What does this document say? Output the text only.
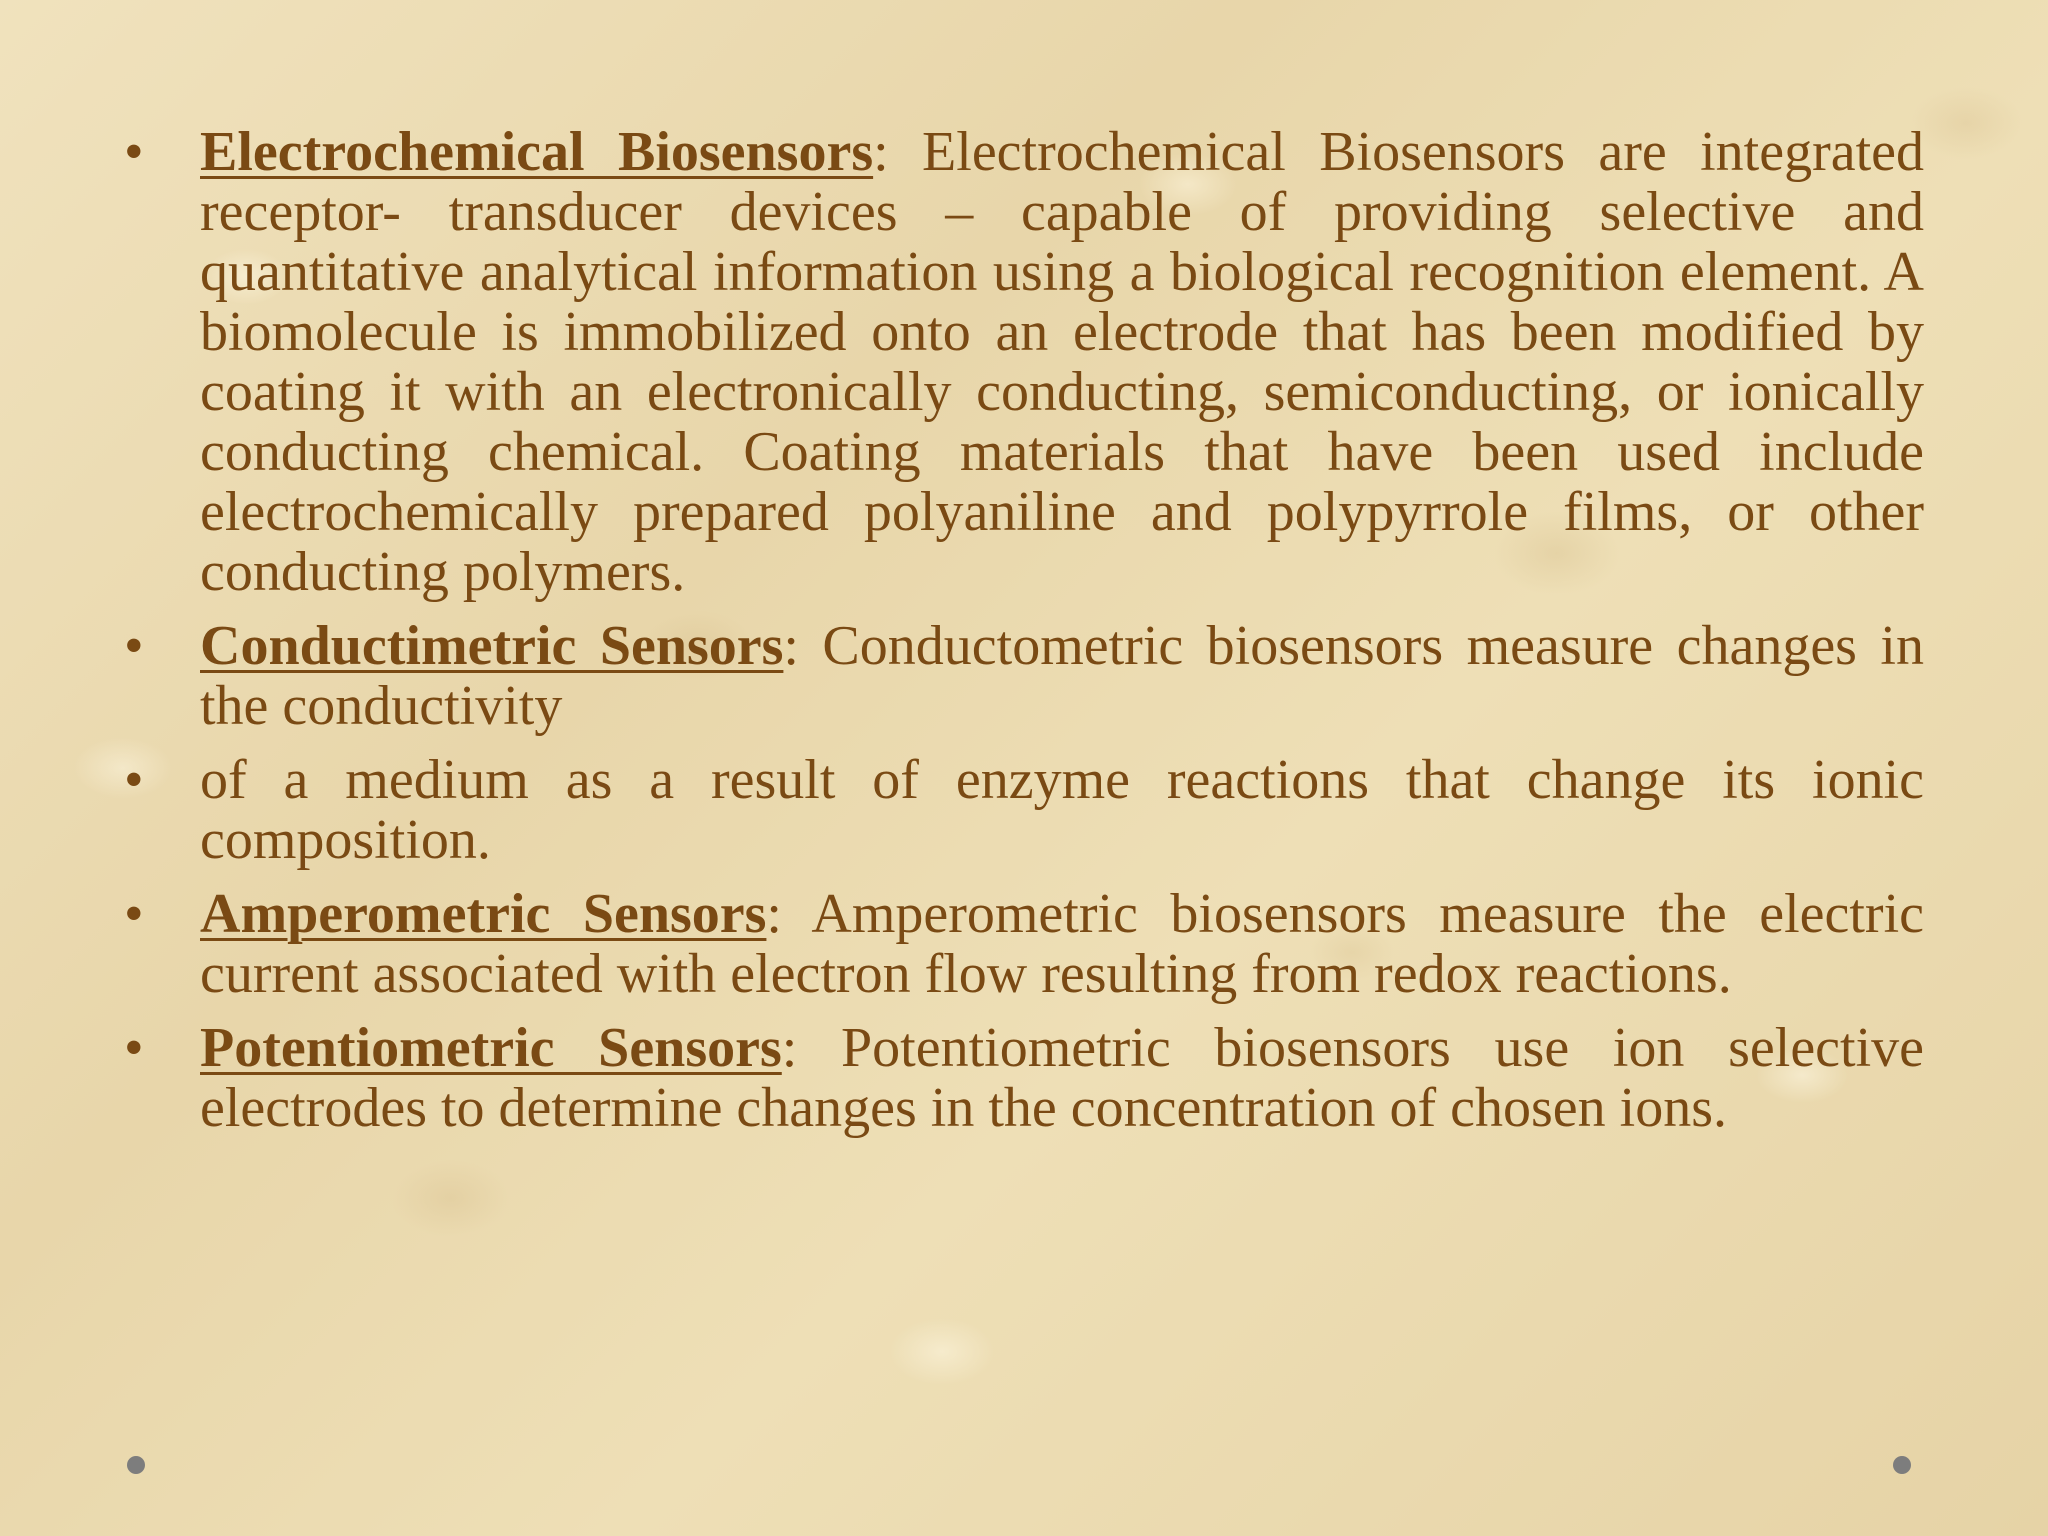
• Electrochemical Biosensors: Electrochemical Biosensors are integrated receptor- transducer devices – capable of providing selective and quantitative analytical information using a biological recognition element. A biomolecule is immobilized onto an electrode that has been modified by coating it with an electronically conducting, semiconducting, or ionically conducting chemical. Coating materials that have been used include electrochemically prepared polyaniline and polypyrrole films, or other conducting polymers.
• Conductimetric Sensors: Conductometric biosensors measure changes in the conductivity
• of a medium as a result of enzyme reactions that change its ionic composition.
• Amperometric Sensors: Amperometric biosensors measure the electric current associated with electron flow resulting from redox reactions.
• Potentiometric Sensors: Potentiometric biosensors use ion selective electrodes to determine changes in the concentration of chosen ions.
